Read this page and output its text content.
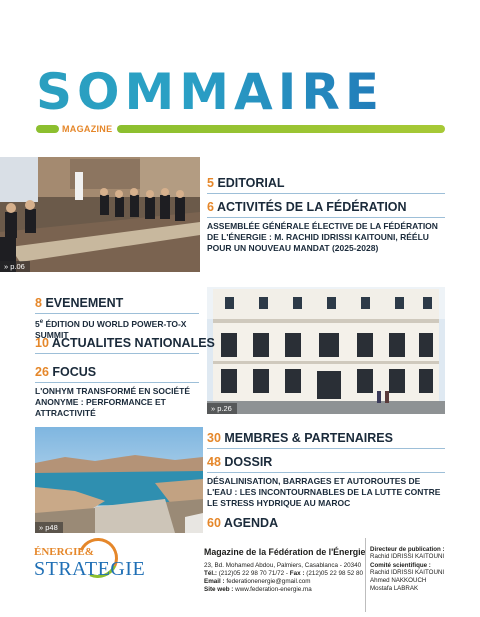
SOMMAIRE
MAGAZINE
» p.06
» p.26
» p48
5 EDITORIAL
6 ACTIVITÉS DE LA FÉDÉRATION
ASSEMBLÉE GÉNÉRALE ÉLECTIVE DE LA FÉDÉRATION DE L'ÉNERGIE : M. RACHID IDRISSI KAITOUNI, RÉÉLU POUR UN NOUVEAU MANDAT (2025-2028)
8 EVENEMENT
5e ÉDITION DU WORLD POWER-TO-X SUMMIT
10 ACTUALITES NATIONALES
26 FOCUS
L'ONHYM TRANSFORMÉ EN SOCIÉTÉ ANONYME : PERFORMANCE ET ATTRACTIVITÉ
30 MEMBRES & PARTENAIRES
48 DOSSIR
DÉSALINISATION, BARRAGES ET AUTOROUTES DE L'EAU : LES INCONTOURNABLES DE LA LUTTE CONTRE LE STRESS HYDRIQUE AU MAROC
60 AGENDA
ÉNERGIE&
STRATEGIE
Magazine de la Fédération de l'Énergie
23, Bd. Mohamed Abdou, Palmiers, Casablanca - 20340
Tél.: (212)05 22 98 70 71/72 - Fax : (212)05 22 98 52 80
Email : federationenergie@gmail.com
Site web : www.federation-energie.ma
Directeur de publication :
Rachid IDRISSI KAITOUNI
Comité scientifique :
Rachid IDRISSI KAITOUNI
Ahmed NAKKOUCH
Mostafa LABRAK
